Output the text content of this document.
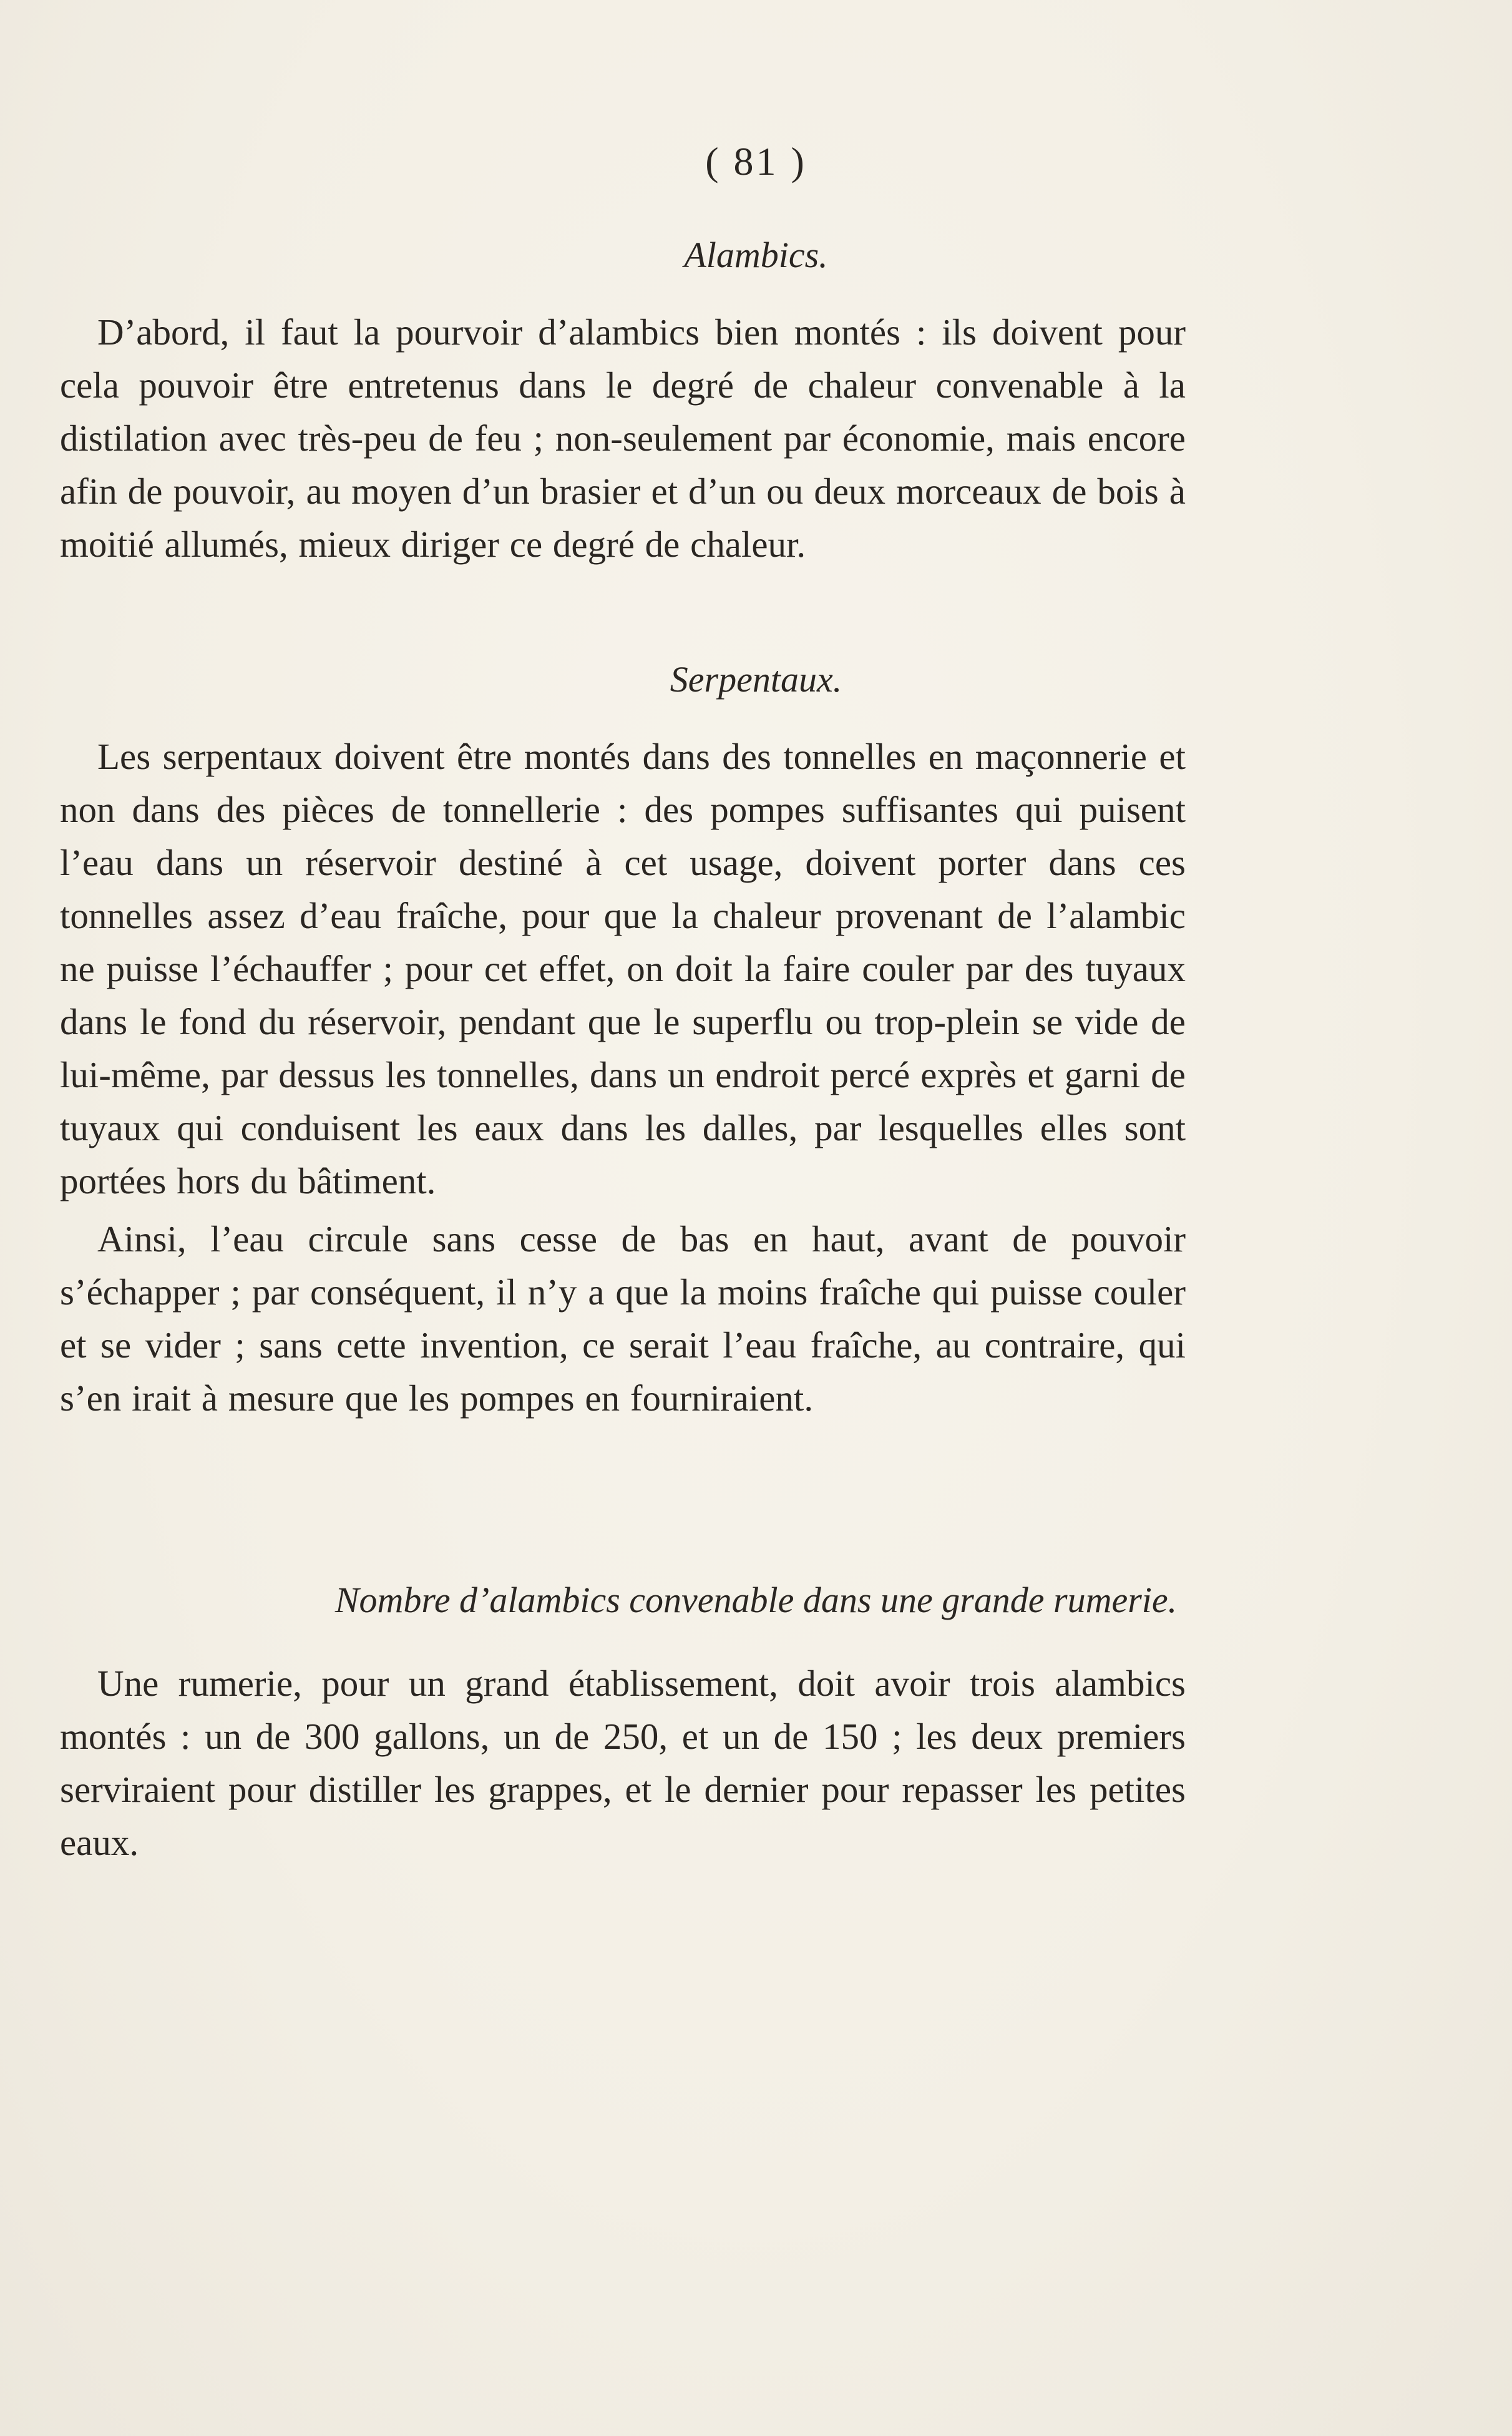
( 81 )
Alambics.

D’abord, il faut la pourvoir d’alambics bien montés : ils doivent pour cela pouvoir être entretenus dans le degré de chaleur convenable à la distilation avec très-peu de feu ; non-seulement par économie, mais encore afin de pouvoir, au moyen d’un brasier et d’un ou deux morceaux de bois à moitié allumés, mieux diriger ce degré de chaleur.

Serpentaux.

Les serpentaux doivent être montés dans des tonnelles en maçonnerie et non dans des pièces de tonnellerie : des pompes suffisantes qui puisent l’eau dans un réservoir destiné à cet usage, doivent porter dans ces tonnelles assez d’eau fraîche, pour que la chaleur provenant de l’alambic ne puisse l’échauffer ; pour cet effet, on doit la faire couler par des tuyaux dans le fond du réservoir, pendant que le superflu ou trop-plein se vide de lui-même, par dessus les tonnelles, dans un endroit percé exprès et garni de tuyaux qui conduisent les eaux dans les dalles, par lesquelles elles sont portées hors du bâtiment.

Ainsi, l’eau circule sans cesse de bas en haut, avant de pouvoir s’échapper ; par conséquent, il n’y a que la moins fraîche qui puisse couler et se vider ; sans cette invention, ce serait l’eau fraîche, au contraire, qui s’en irait à mesure que les pompes en fourniraient.

Nombre d’alambics convenable dans une grande rumerie.

Une rumerie, pour un grand établissement, doit avoir trois alambics montés : un de 300 gallons, un de 250, et un de 150 ; les deux premiers serviraient pour distiller les grappes, et le dernier pour repasser les petites eaux.
